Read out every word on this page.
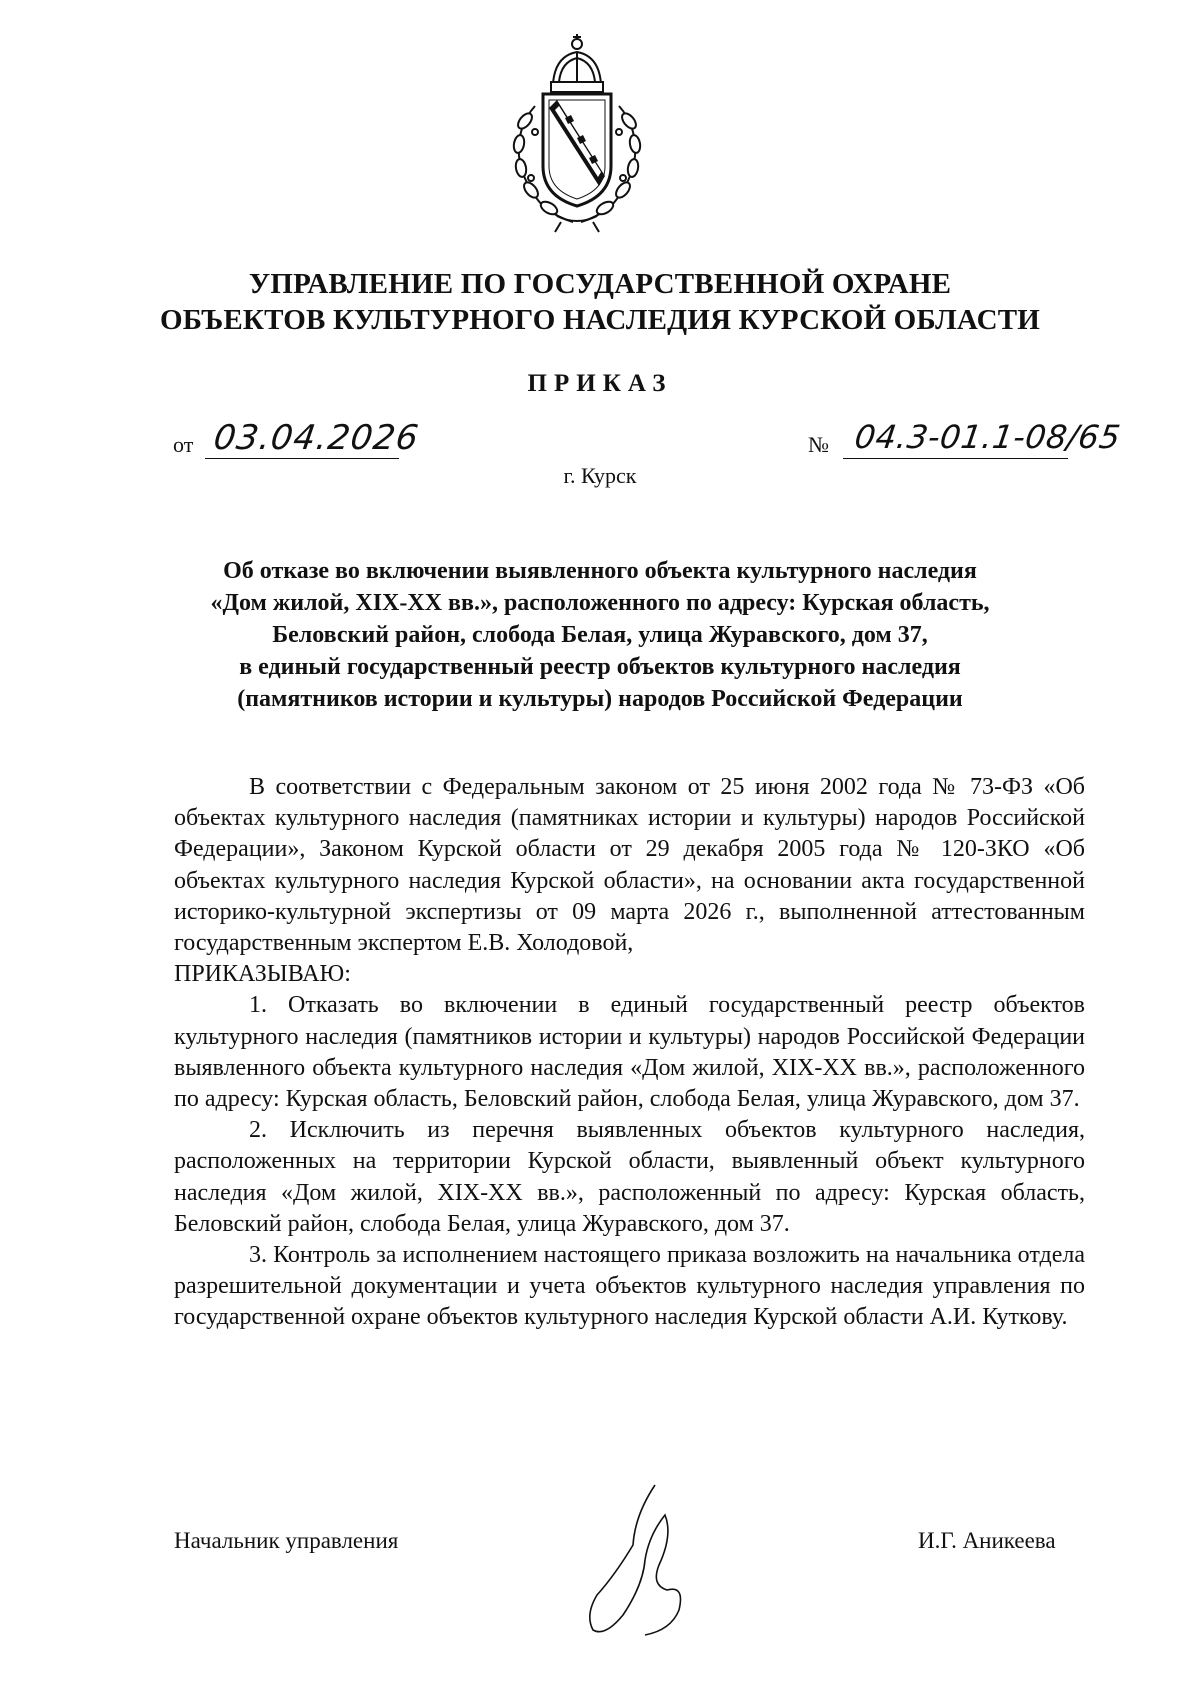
УПРАВЛЕНИЕ ПО ГОСУДАРСТВЕННОЙ ОХРАНЕ
ОБЪЕКТОВ КУЛЬТУРНОГО НАСЛЕДИЯ КУРСКОЙ ОБЛАСТИ
ПРИКАЗ
от 03.04.2026	№ 04.3-01.1-08/65
г. Курск
Об отказе во включении выявленного объекта культурного наследия
«Дом жилой, XIX-XX вв.», расположенного по адресу: Курская область,
Беловский район, слобода Белая, улица Журавского, дом 37,
в единый государственный реестр объектов культурного наследия
(памятников истории и культуры) народов Российской Федерации

В соответствии с Федеральным законом от 25 июня 2002 года № 73-ФЗ «Об объектах культурного наследия (памятниках истории и культуры) народов Российской Федерации», Законом Курской области от 29 декабря 2005 года № 120-ЗКО «Об объектах культурного наследия Курской области», на основании акта государственной историко-культурной экспертизы от 09 марта 2026 г., выполненной аттестованным государственным экспертом Е.В. Холодовой,

ПРИКАЗЫВАЮ:

1. Отказать во включении в единый государственный реестр объектов культурного наследия (памятников истории и культуры) народов Российской Федерации выявленного объекта культурного наследия «Дом жилой, XIX-XX вв.», расположенного по адресу: Курская область, Беловский район, слобода Белая, улица Журавского, дом 37.

2. Исключить из перечня выявленных объектов культурного наследия, расположенных на территории Курской области, выявленный объект культурного наследия «Дом жилой, XIX-XX вв.», расположенный по адресу: Курская область, Беловский район, слобода Белая, улица Журавского, дом 37.

3. Контроль за исполнением настоящего приказа возложить на начальника отдела разрешительной документации и учета объектов культурного наследия управления по государственной охране объектов культурного наследия Курской области А.И. Куткову.

Начальник управления	И.Г. Аникеева
